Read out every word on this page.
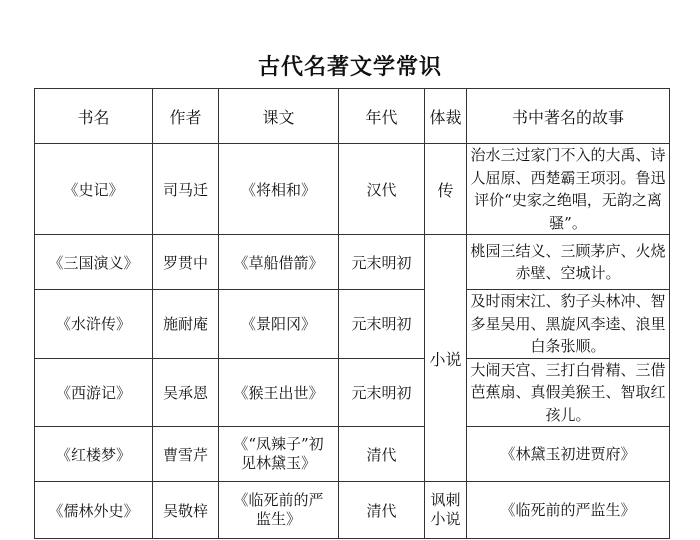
古代名著文学常识
书名	作者	课文	年代	体裁	书中著名的故事
《史记》	司马迁	《将相和》	汉代	传	治水三过家门不入的大禹、诗人屈原、西楚霸王项羽。鲁迅评价“史家之绝唱，无韵之离骚”。
《三国演义》	罗贯中	《草船借箭》	元末明初	小说	桃园三结义、三顾茅庐、火烧赤壁、空城计。
《水浒传》	施耐庵	《景阳冈》	元末明初		及时雨宋江、豹子头林冲、智多星吴用、黑旋风李逵、浪里白条张顺。
《西游记》	吴承恩	《猴王出世》	元末明初		大闹天宫、三打白骨精、三借芭蕉扇、真假美猴王、智取红孩儿。
《红楼梦》	曹雪芹	《“凤辣子”初见林黛玉》	清代		《林黛玉初进贾府》
《儒林外史》	吴敬梓	《临死前的严监生》	清代	讽刺小说	《临死前的严监生》
